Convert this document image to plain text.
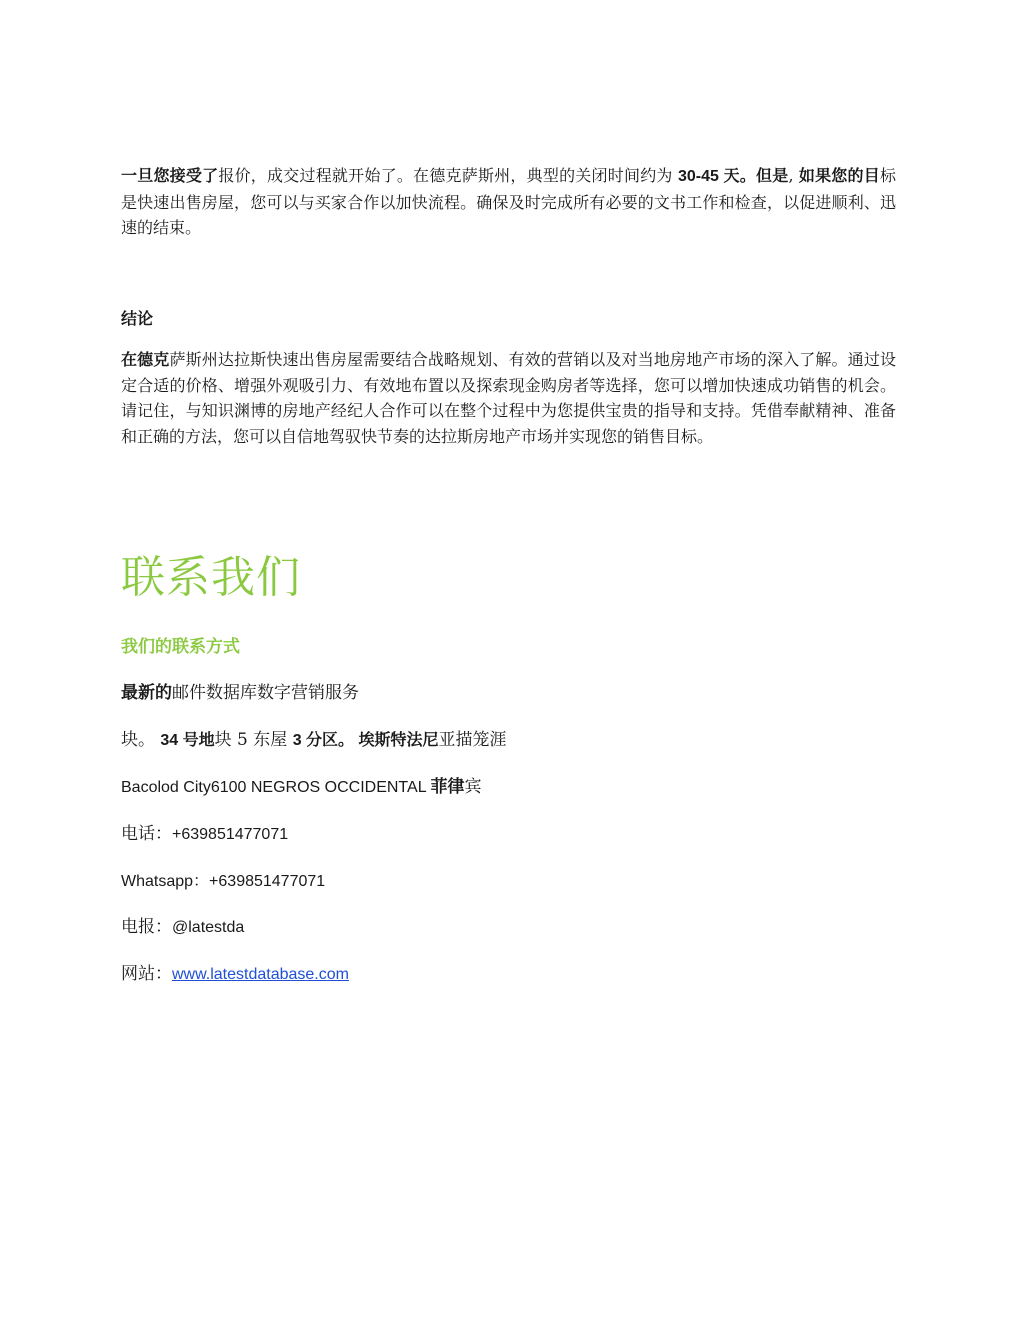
一旦您接受了报价，成交过程就开始了。在德克萨斯州，典型的关闭时间约为 30-45 天。但是, 如果您的目标是快速出售房屋，您可以与买家合作以加快流程。确保及时完成所有必要的文书工作和检查，以促进顺利、迅速的结束。

结论

在德克萨斯州达拉斯快速出售房屋需要结合战略规划、有效的营销以及对当地房地产市场的深入了解。通过设定合适的价格、增强外观吸引力、有效地布置以及探索现金购房者等选择，您可以增加快速成功销售的机会。请记住，与知识渊博的房地产经纪人合作可以在整个过程中为您提供宝贵的指导和支持。凭借奉献精神、准备和正确的方法，您可以自信地驾驭快节奏的达拉斯房地产市场并实现您的销售目标。

联系我们
我们的联系方式

最新的邮件数据库数字营销服务

块。 34 号地块 5 东屋 3 分区。 埃斯特法尼亚描笼涯

Bacolod City6100 NEGROS OCCIDENTAL 菲律宾

电话：+639851477071

Whatsapp：+639851477071

电报：@latestda

网站：www.latestdatabase.com
